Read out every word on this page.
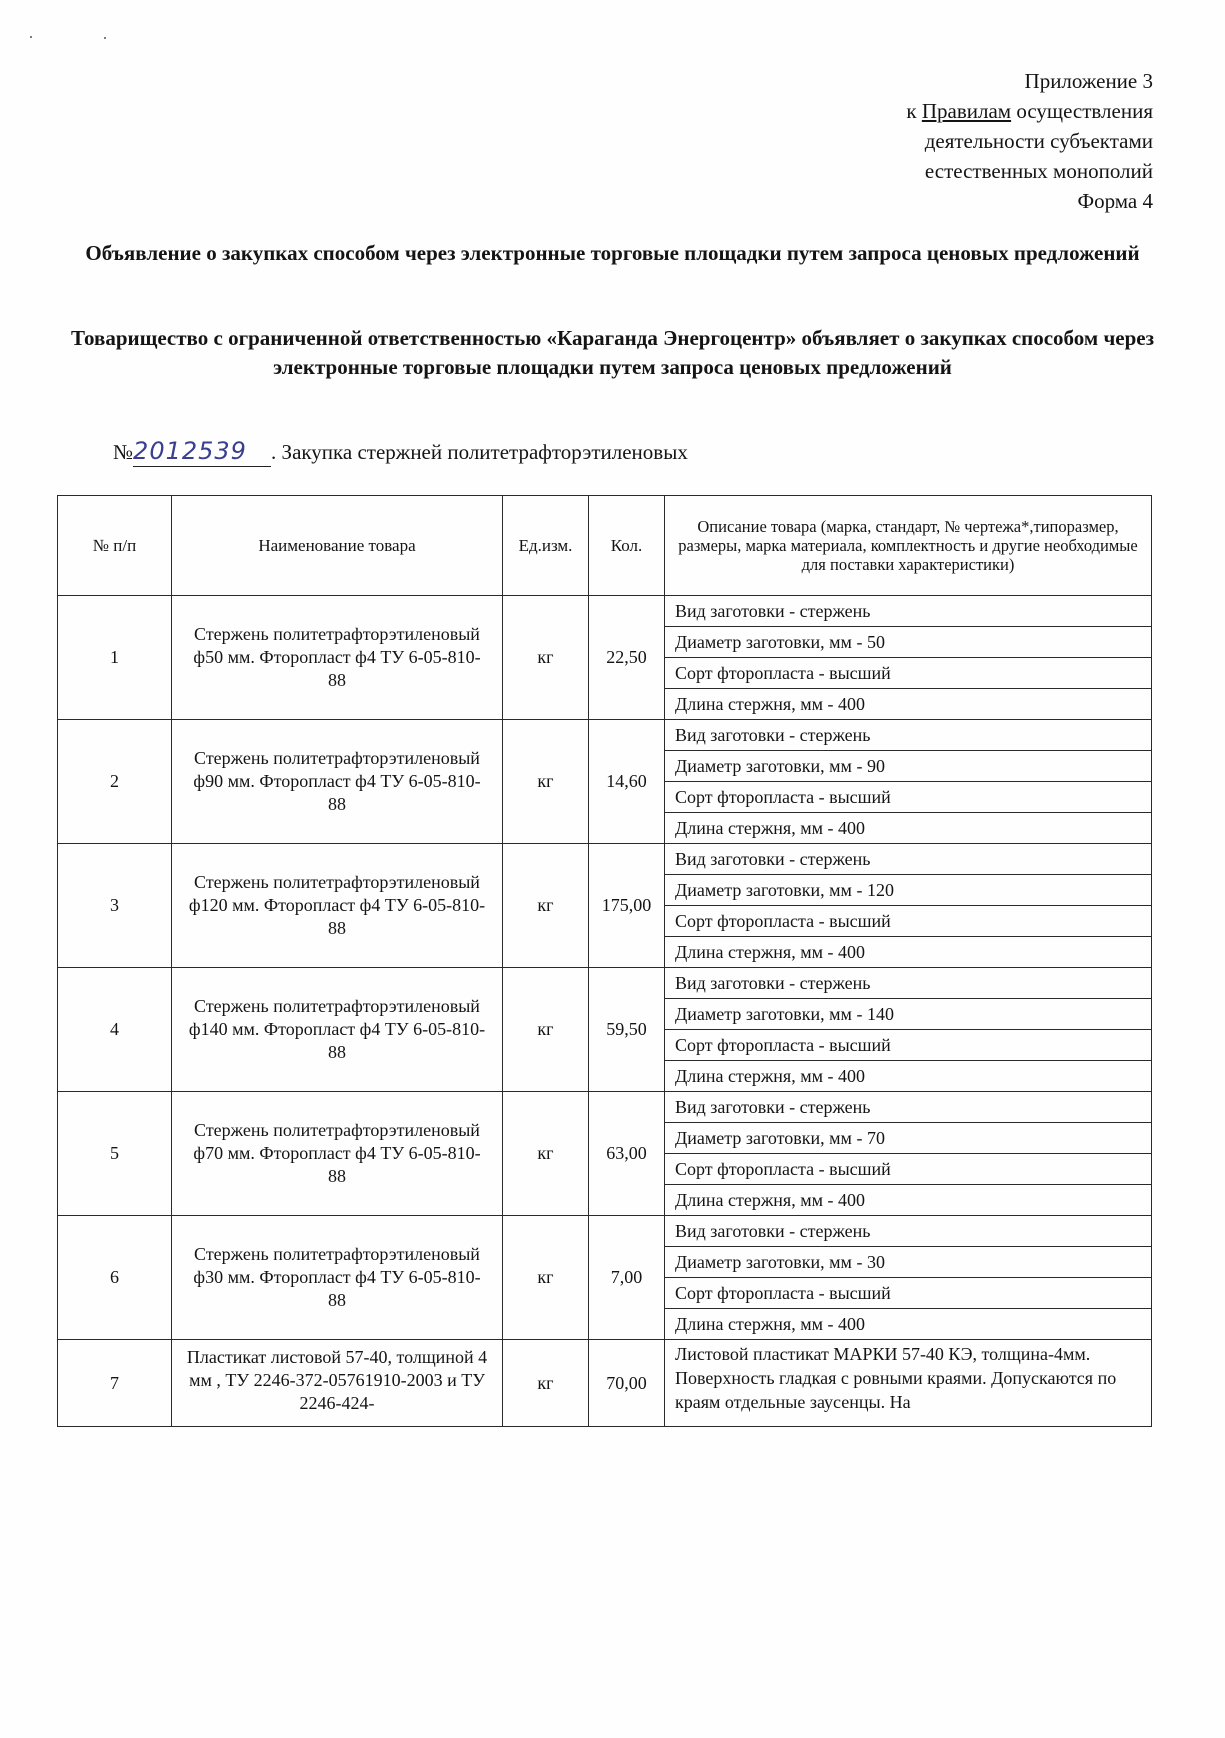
Приложение 3
к Правилам осуществления
деятельности субъектами
естественных монополий
Форма 4
Объявление о закупках способом через электронные торговые площадки путем запроса ценовых предложений
Товарищество с ограниченной ответственностью «Караганда Энергоцентр» объявляет о закупках способом через электронные торговые площадки путем запроса ценовых предложений
№2012539 . Закупка стержней политетрафторэтиленовых
№ п/п	Наименование товара	Ед.изм.	Кол.	Описание товара (марка, стандарт, № чертежа*,типоразмер, размеры, марка материала, комплектность и другие необходимые для поставки характеристики)
1	Стержень политетрафторэтиленовый ф50 мм. Фторопласт ф4 ТУ 6-05-810-88	кг	22,50	Вид заготовки - стержень
				Диаметр заготовки, мм - 50
				Сорт фторопласта - высший
				Длина стержня, мм - 400
2	Стержень политетрафторэтиленовый ф90 мм. Фторопласт ф4 ТУ 6-05-810-88	кг	14,60	Вид заготовки - стержень
				Диаметр заготовки, мм - 90
				Сорт фторопласта - высший
				Длина стержня, мм - 400
3	Стержень политетрафторэтиленовый ф120 мм. Фторопласт ф4 ТУ 6-05-810-88	кг	175,00	Вид заготовки - стержень
				Диаметр заготовки, мм - 120
				Сорт фторопласта - высший
				Длина стержня, мм - 400
4	Стержень политетрафторэтиленовый ф140 мм. Фторопласт ф4 ТУ 6-05-810-88	кг	59,50	Вид заготовки - стержень
				Диаметр заготовки, мм - 140
				Сорт фторопласта - высший
				Длина стержня, мм - 400
5	Стержень политетрафторэтиленовый ф70 мм. Фторопласт ф4 ТУ 6-05-810-88	кг	63,00	Вид заготовки - стержень
				Диаметр заготовки, мм - 70
				Сорт фторопласта - высший
				Длина стержня, мм - 400
6	Стержень политетрафторэтиленовый ф30 мм. Фторопласт ф4 ТУ 6-05-810-88	кг	7,00	Вид заготовки - стержень
				Диаметр заготовки, мм - 30
				Сорт фторопласта - высший
				Длина стержня, мм - 400
7	Пластикат листовой 57-40, толщиной 4 мм , ТУ 2246-372-05761910-2003 и ТУ 2246-424-	кг	70,00	Листовой пластикат МАРКИ 57-40 КЭ, толщина-4мм. Поверхность гладкая с ровными краями. Допускаются по краям отдельные заусенцы. На
